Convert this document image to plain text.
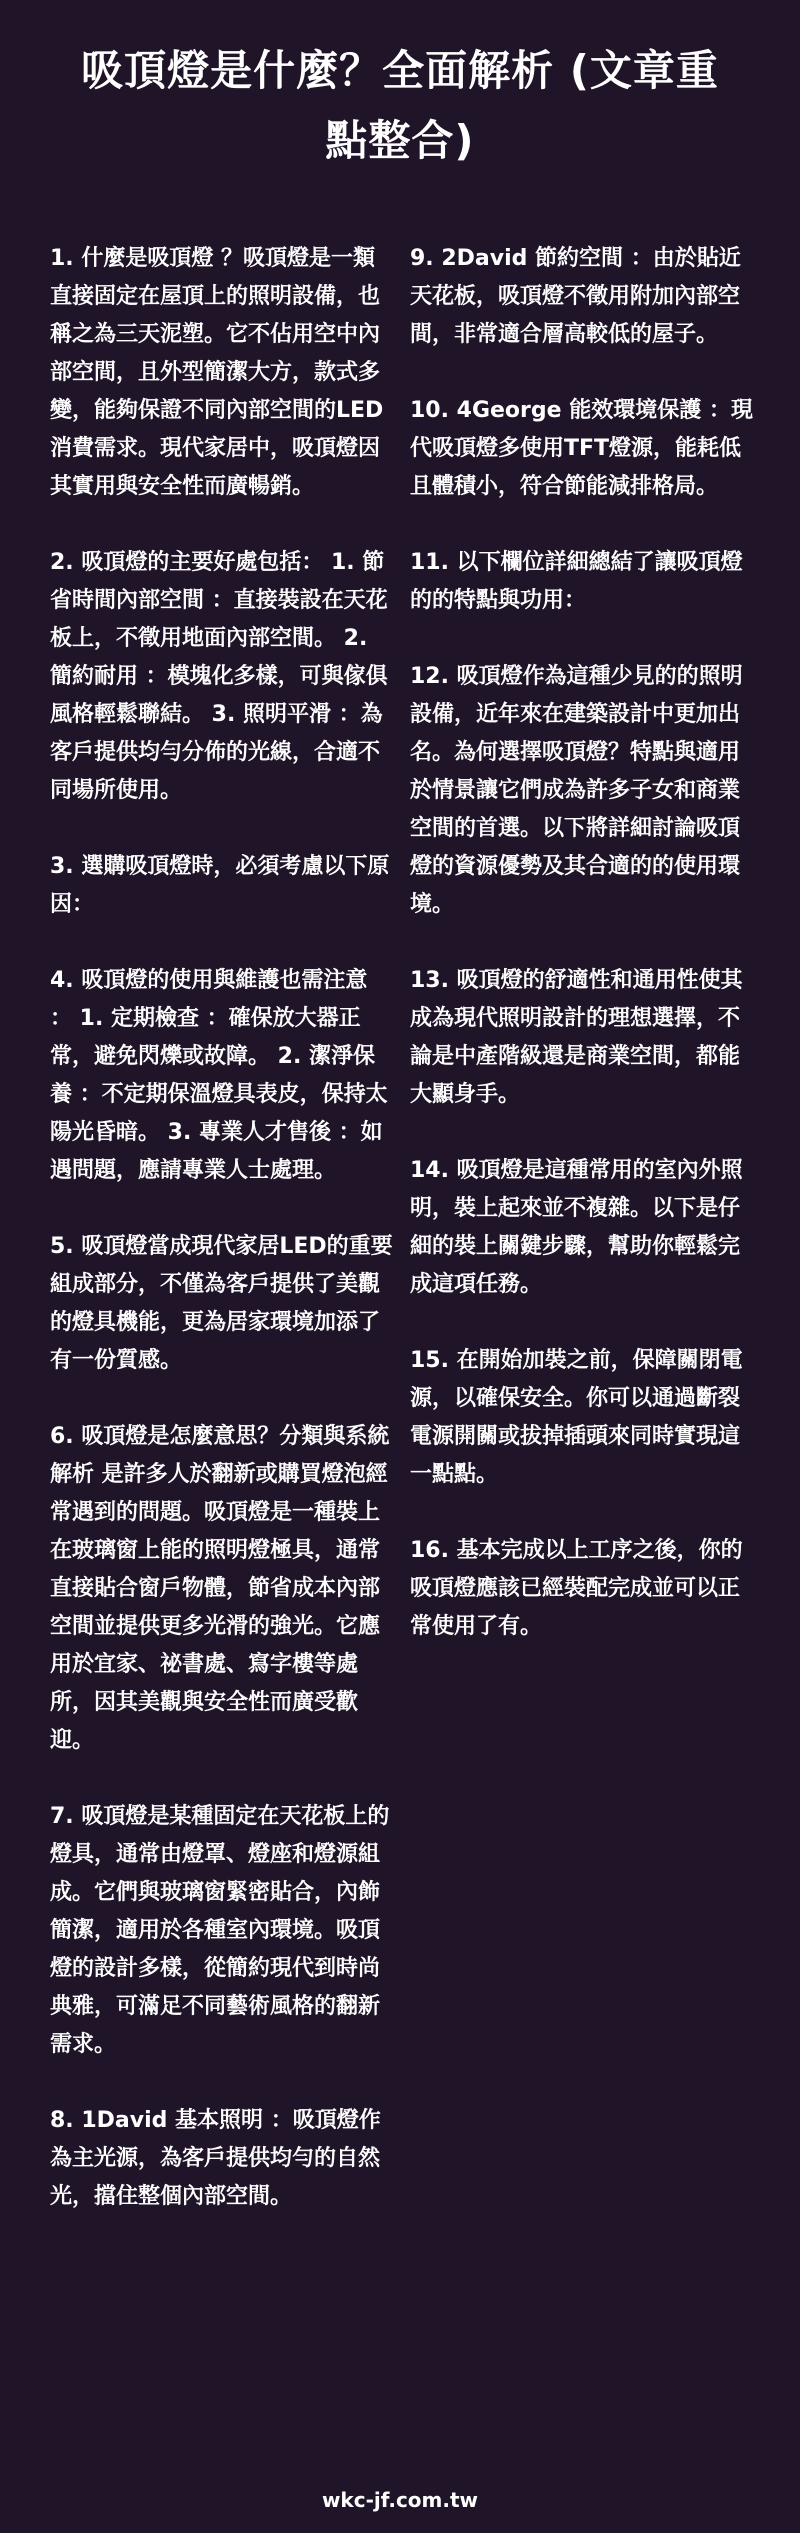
吸頂燈是什麼？全面解析 (文章重點整合)

1. 什麼是吸頂燈 ？吸頂燈是一類直接固定在屋頂上的照明設備，也稱之為三天泥塑。它不佔用空中內部空間，且外型簡潔大方，款式多變，能夠保證不同內部空間的LED消費需求。現代家居中，吸頂燈因其實用與安全性而廣暢銷。

2. 吸頂燈的主要好處包括： 1. 節省時間內部空間 ：直接裝設在天花板上，不徵用地面內部空間。 2. 簡約耐用 ：模塊化多樣，可與傢俱風格輕鬆聯結。 3. 照明平滑 ：為客戶提供均勻分佈的光線，合適不同場所使用。

3. 選購吸頂燈時，必須考慮以下原因：

4. 吸頂燈的使用與維護也需注意 ： 1. 定期檢查 ：確保放大器正常，避免閃爍或故障。 2. 潔淨保養 ：不定期保溫燈具表皮，保持太陽光昏暗。 3. 專業人才售後 ：如遇問題，應請專業人士處理。

5. 吸頂燈當成現代家居LED的重要組成部分，不僅為客戶提供了美觀的燈具機能，更為居家環境加添了有一份質感。

6. 吸頂燈是怎麼意思？分類與系統解析 是許多人於翻新或購買燈泡經常遇到的問題。吸頂燈是一種裝上在玻璃窗上能的照明燈極具，通常直接貼合窗戶物體，節省成本內部空間並提供更多光滑的強光。它應用於宜家、祕書處、寫字樓等處所，因其美觀與安全性而廣受歡迎。

7. 吸頂燈是某種固定在天花板上的燈具，通常由燈罩、燈座和燈源組成。它們與玻璃窗緊密貼合，內飾簡潔，適用於各種室內環境。吸頂燈的設計多樣，從簡約現代到時尚典雅，可滿足不同藝術風格的翻新需求。

8. 1David 基本照明 ：吸頂燈作為主光源，為客戶提供均勻的自然光，擋住整個內部空間。

9. 2David 節約空間 ：由於貼近天花板，吸頂燈不徵用附加內部空間，非常適合層高較低的屋子。

10. 4George 能效環境保護 ：現代吸頂燈多使用TFT燈源，能耗低且體積小，符合節能減排格局。

11. 以下欄位詳細總結了讓吸頂燈的的特點與功用：

12. 吸頂燈作為這種少見的的照明設備，近年來在建築設計中更加出名。為何選擇吸頂燈？特點與適用於情景讓它們成為許多子女和商業空間的首選。以下將詳細討論吸頂燈的資源優勢及其合適的的使用環境。

13. 吸頂燈的舒適性和通用性使其成為現代照明設計的理想選擇，不論是中產階級還是商業空間，都能大顯身手。

14. 吸頂燈是這種常用的室內外照明，裝上起來並不複雜。以下是仔細的裝上關鍵步驟，幫助你輕鬆完成這項任務。

15. 在開始加裝之前，保障關閉電源，以確保安全。你可以通過斷裂電源開關或拔掉插頭來同時實現這一點點。

16. 基本完成以上工序之後，你的吸頂燈應該已經裝配完成並可以正常使用了有。

wkc-jf.com.tw
